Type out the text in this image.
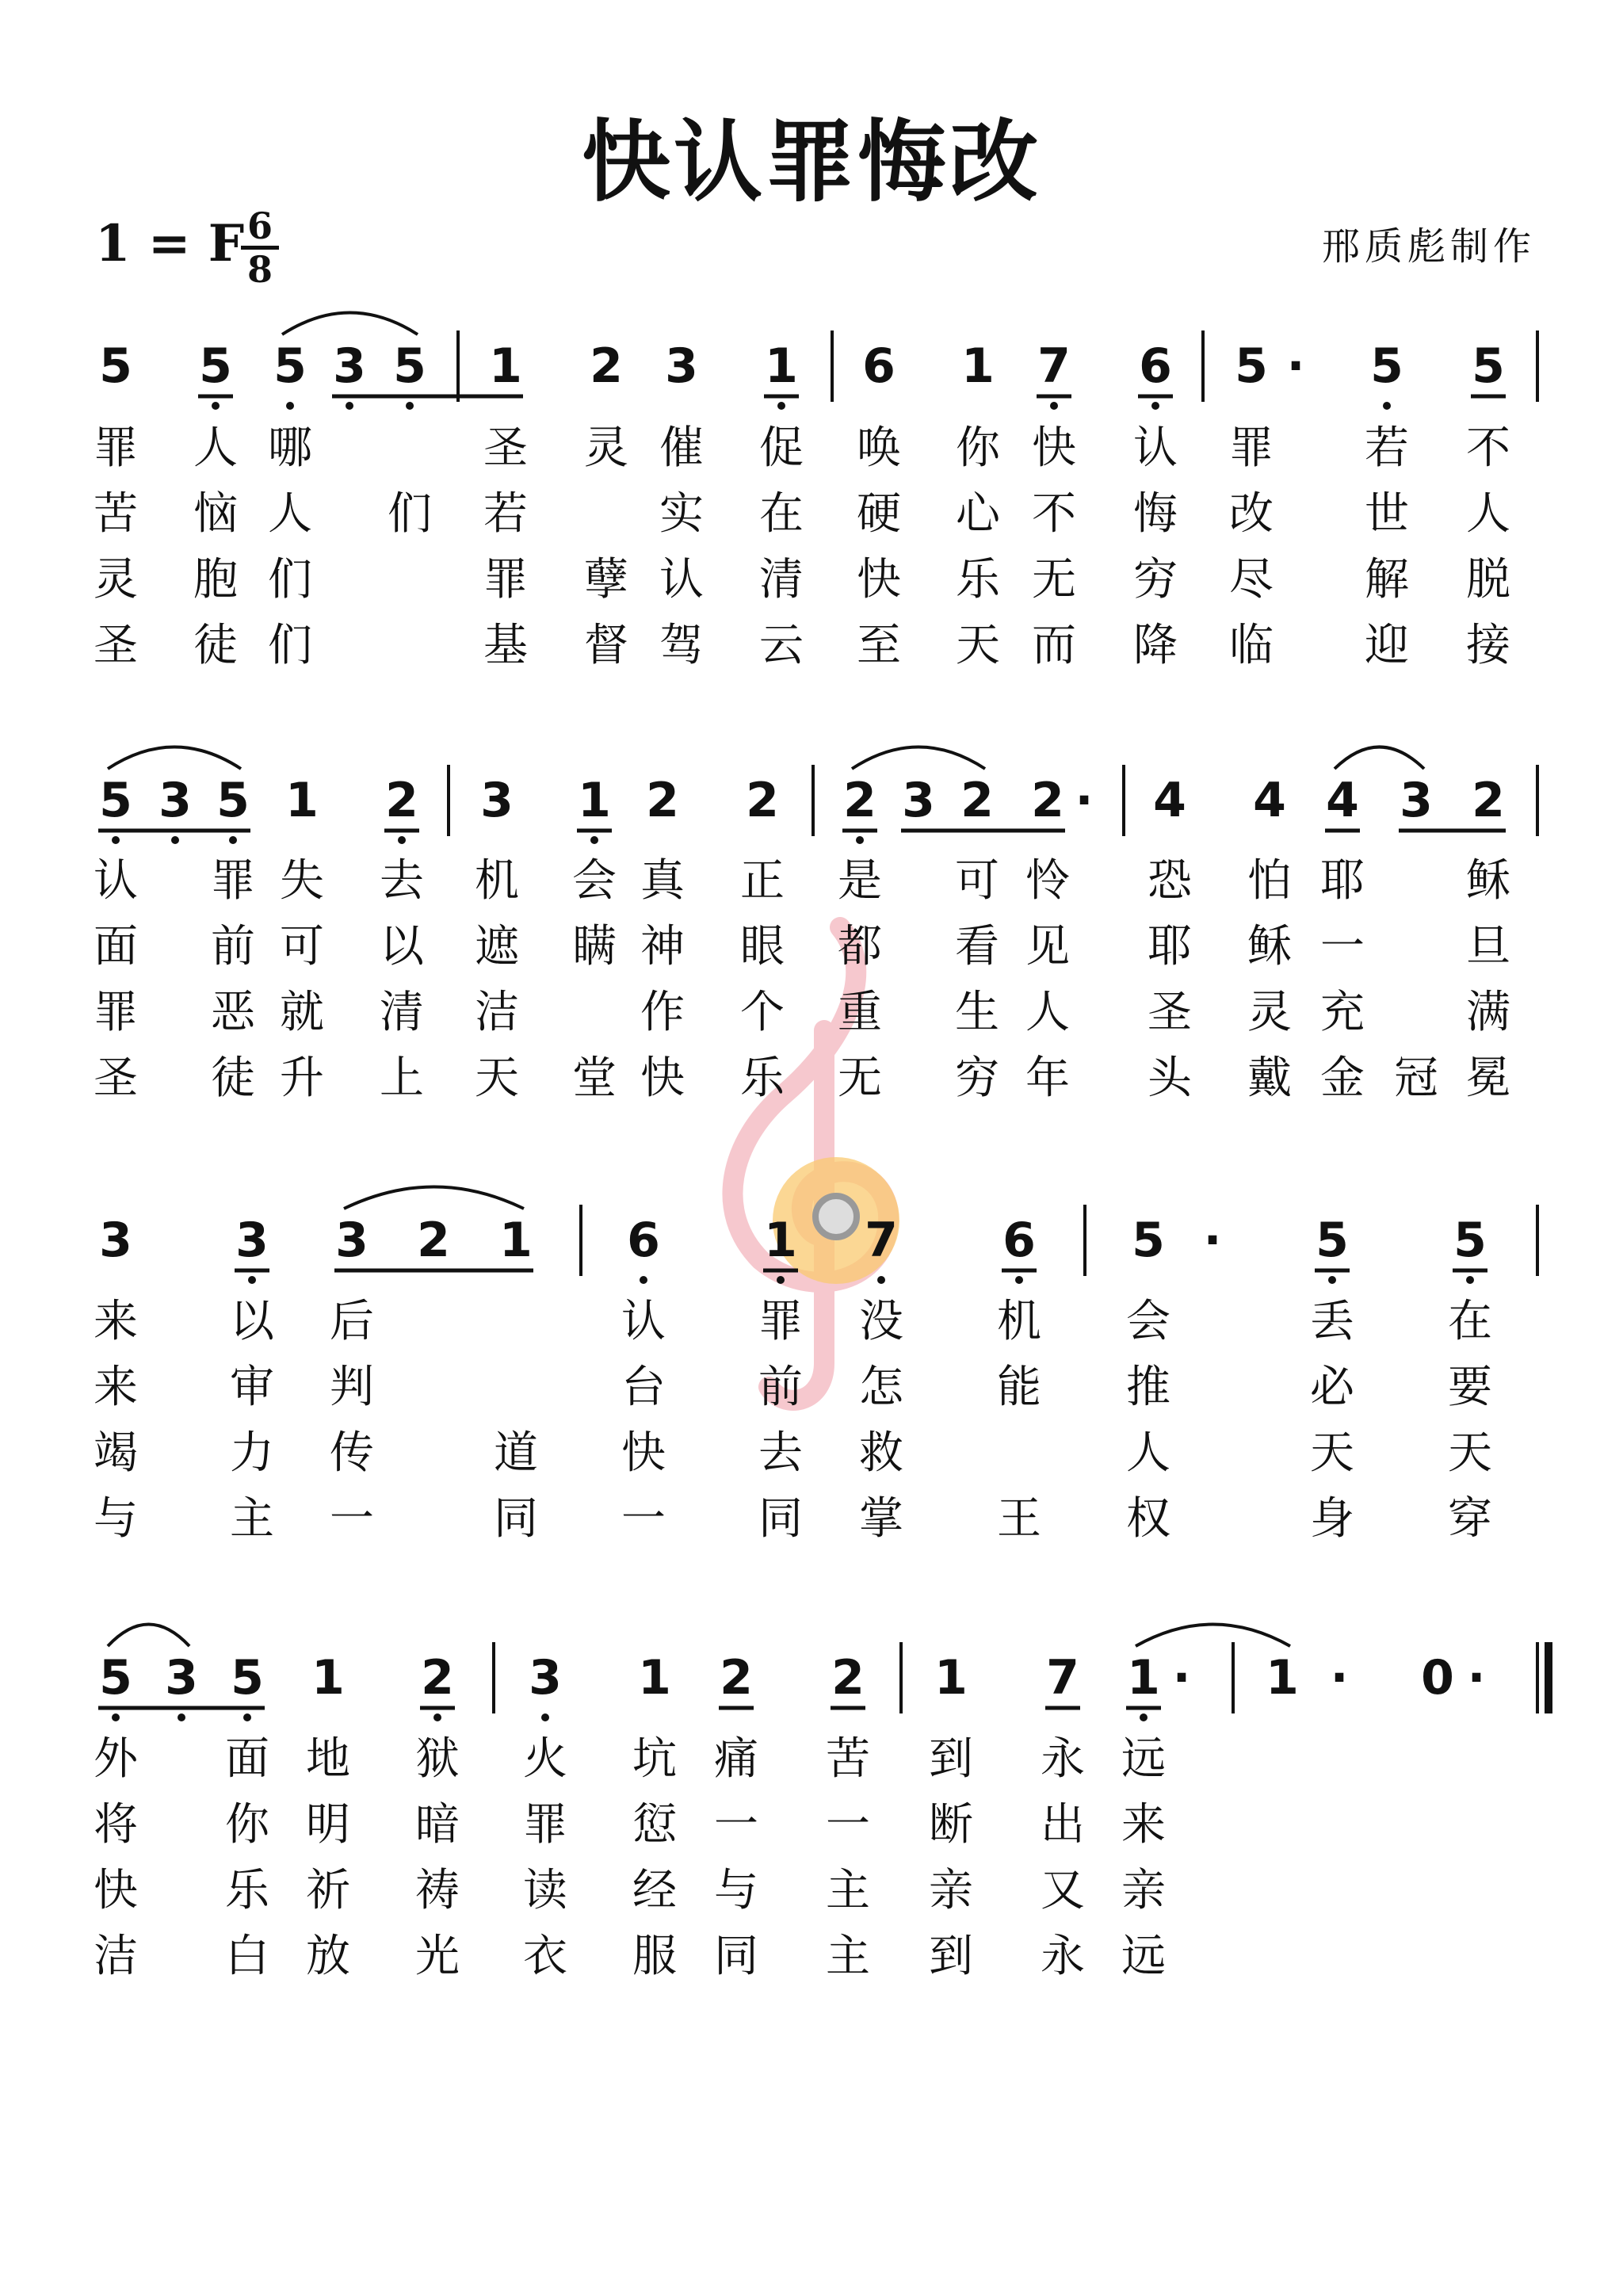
快认罪悔改
1 = F 6
8
邢质彪制作
5 5 5 3 5 1 2 3 1 6 1 7 6 5 ·	5 5
罪 人 哪	圣 灵 催 促 唤 你 快 认 罪 若 不
苦 恼 人 们 若	实 在 硬 心 不 悔 改 世 人
灵 胞 们	罪 孽 认 清 快 乐 无 穷 尽 解 脱
圣 徒 们	基 督 驾 云 至 天 而 降 临 迎 接
5 3 5 1 2 3 1 2 2 2 3 2 2 ·	4 4 4 3 2
认 罪 失 去 机 会 真 正 是 可 怜 恐 怕 耶 稣
面 前 可 以 遮 瞒 神 眼 都 看 见 耶 稣 一 旦
罪 恶 就 清 洁	作 个 重 生 人 圣 灵 充 满
圣 徒 升 上 天 堂 快 乐 无 穷 年 头 戴 金 冠 冕
3 3 3 2 1 6 1 7 6 5 ·	5 5
来 以 后	认 罪 没 机 会	丢 在
来 审 判	台 前 怎 能 推	必 要
竭 力 传	道 快 去 救	人	天 天
与 主 一	同 一 同 掌 王 权	身 穿
5 3 5 1 2 3 1 2 2 1 7 1 ·	1 ·	0 ·
外 面 地 狱 火 坑 痛 苦 到 永 远
将 你 明 暗 罪 愆 一 一 断 出 来
快 乐 祈 祷 读 经 与 主 亲 又 亲
洁 白 放 光 衣 服 同 主 到 永 远
